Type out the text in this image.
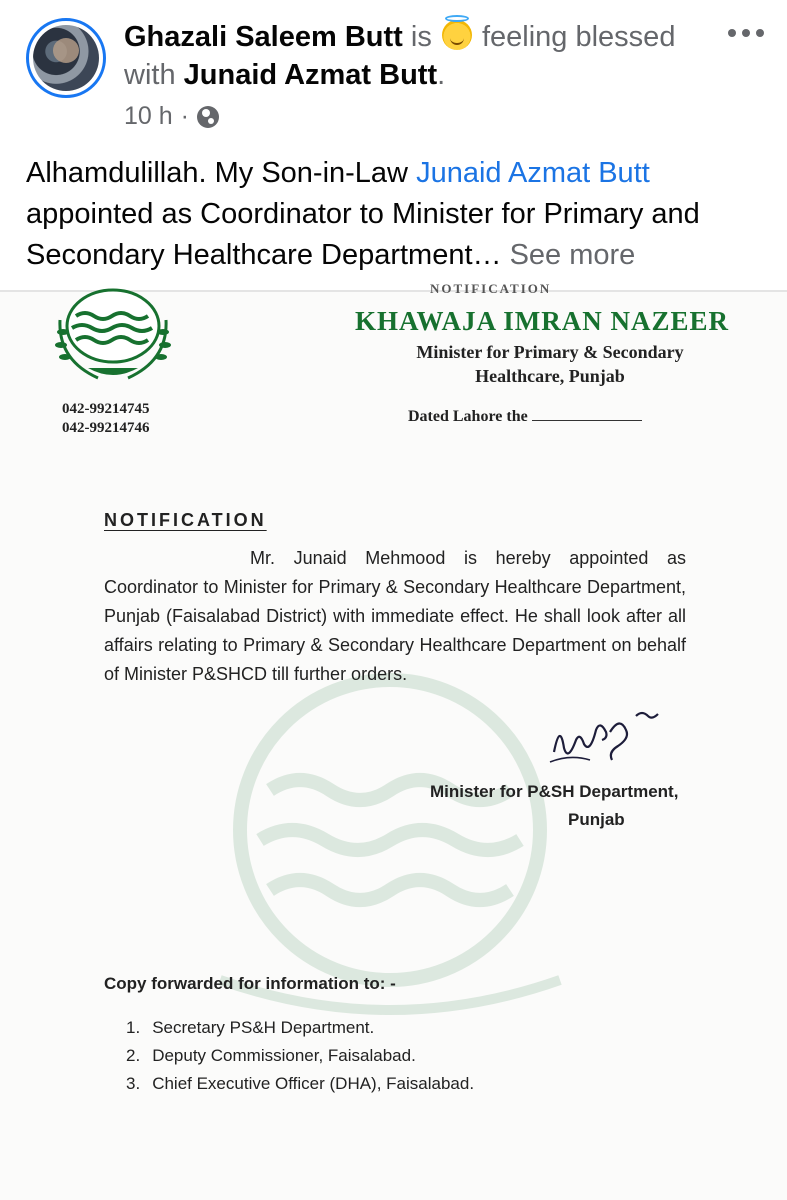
Ghazali Saleem Butt is feeling blessed with Junaid Azmat Butt.
10 h ·
Alhamdulillah. My Son-in-Law Junaid Azmat Butt appointed as Coordinator to Minister for Primary and Secondary Healthcare Department… See more
NOTIFICATION
KHAWAJA IMRAN NAZEER
Minister for Primary & Secondary
Healthcare, Punjab
042-99214745
042-99214746
Dated Lahore the
NOTIFICATION
Mr. Junaid Mehmood is hereby appointed as Coordinator to Minister for Primary & Secondary Healthcare Department, Punjab (Faisalabad District) with immediate effect. He shall look after all affairs relating to Primary & Secondary Healthcare Department on behalf of Minister P&SHCD till further orders.
Minister for P&SH Department,
Punjab
Copy forwarded for information to: -
1. Secretary PS&H Department.
2. Deputy Commissioner, Faisalabad.
3. Chief Executive Officer (DHA), Faisalabad.
